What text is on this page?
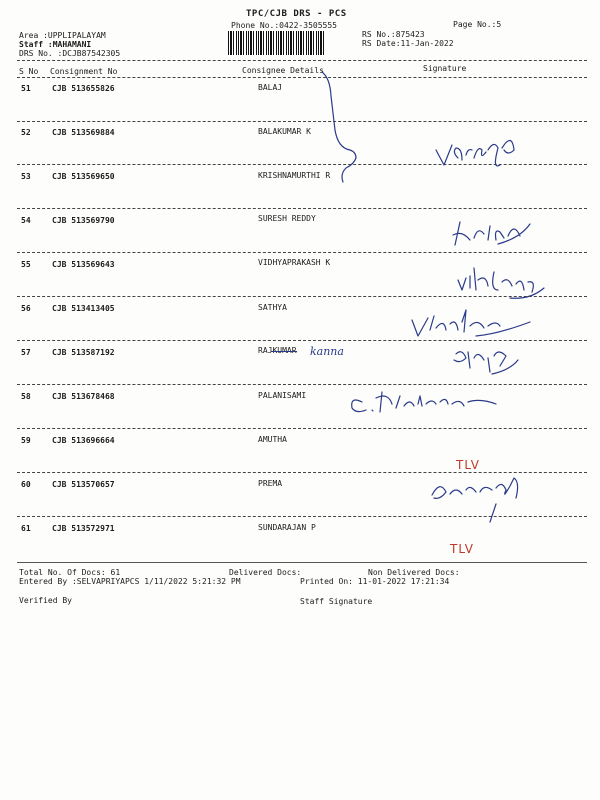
TPC/CJB DRS - PCS
Phone No.:0422-3505555
Area :UPPLIPALAYAM
Staff :MAHAMANI
DRS No. :DCJB87542305
RS No.:875423
RS Date:11-Jan-2022
Page No.:5
S No Consignment No	Consignee Details	Signature
51	CJB 513655826	BALAJ
52	CJB 513569884	BALAKUMAR K
53	CJB 513569650	KRISHNAMURTHI R
54	CJB 513569790	SURESH REDDY
55	CJB 513569643	VIDHYAPRAKASH K
56	CJB 513413405	SATHYA
57	CJB 513587192	RAJKUMAR
58	CJB 513678468	PALANISAMI
59	CJB 513696664	AMUTHA
60	CJB 513570657	PREMA
61	CJB 513572971	SUNDARAJAN P
kanna
TLV
TLV
Total No. Of Docs: 61	Delivered Docs:	Non Delivered Docs:
Entered By :SELVAPRIYAPCS 1/11/2022 5:21:32 PM	Printed On: 11-01-2022 17:21:34
Verified By	Staff Signature
